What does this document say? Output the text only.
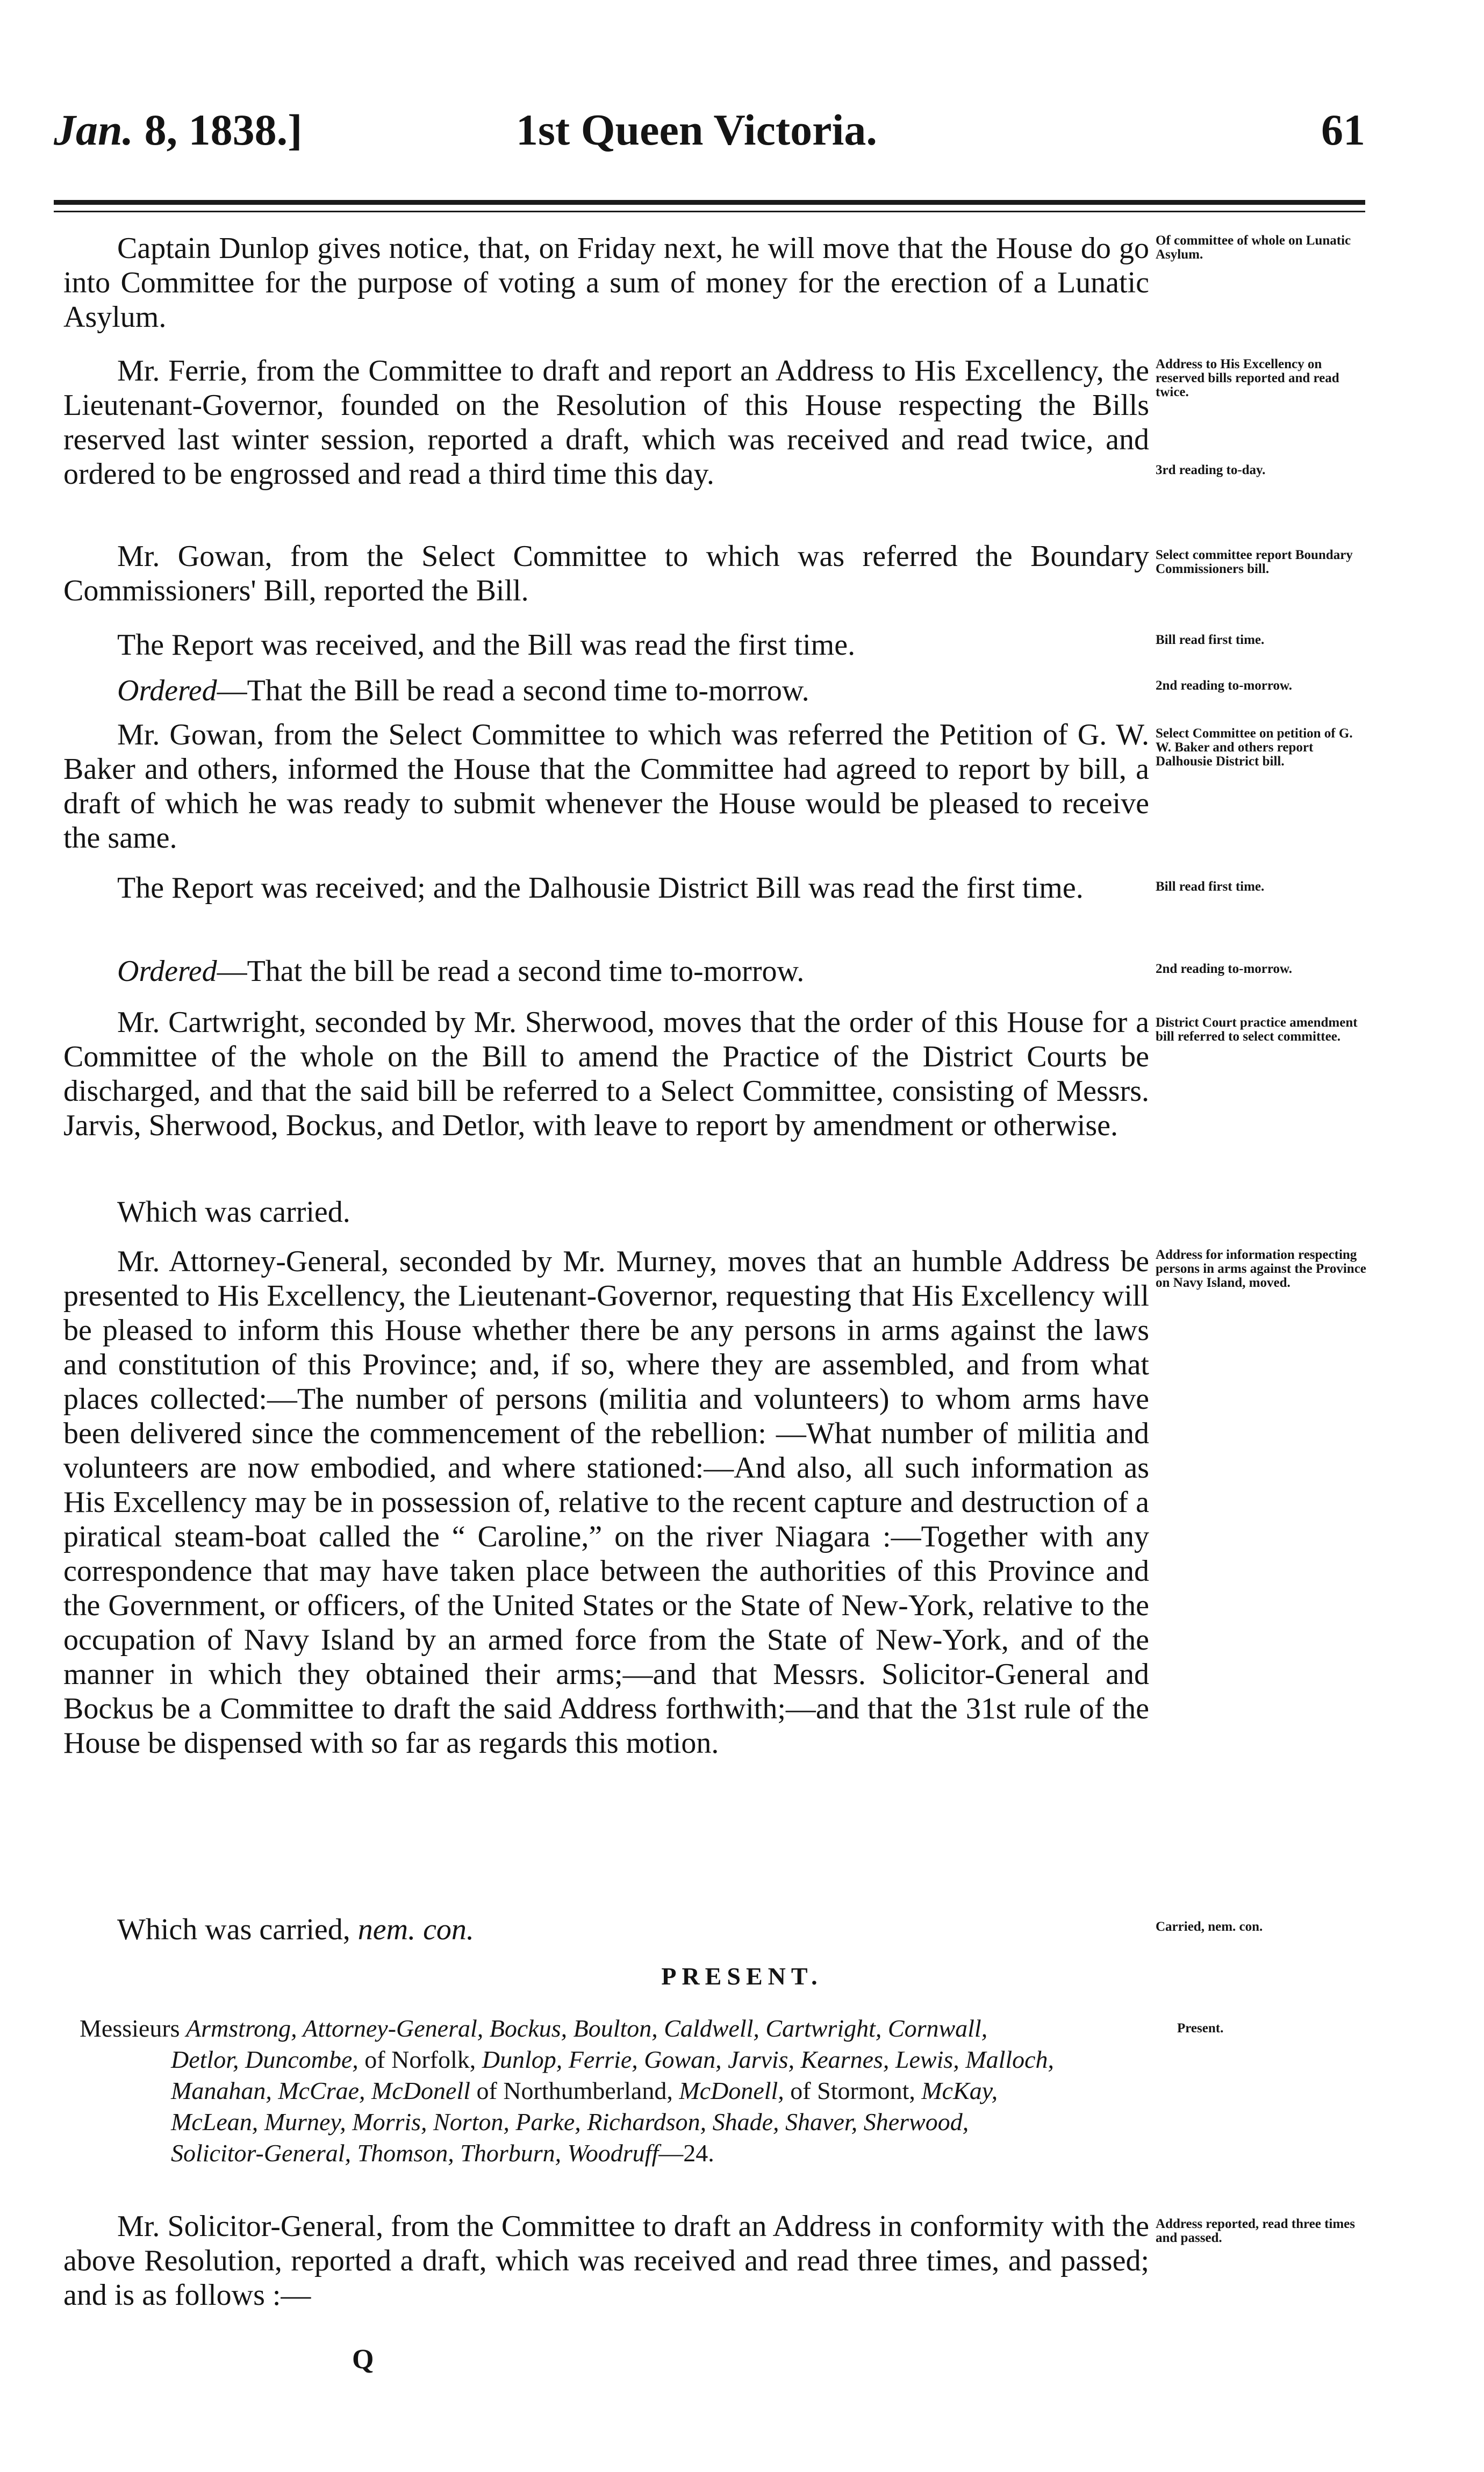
Jan. 8, 1838.]	1st Queen Victoria.	61

Captain Dunlop gives notice, that, on Friday next, he will move that the House do go into Committee for the purpose of voting a sum of money for the erection of a Lunatic Asylum.

Of committee of whole on Lunatic Asylum.

Mr. Ferrie, from the Committee to draft and report an Address to His Excellency, the Lieutenant-Governor, founded on the Resolution of this House respecting the Bills reserved last winter session, reported a draft, which was received and read twice, and ordered to be engrossed and read a third time this day.

Address to His Excellency on reserved bills reported and read twice.

3rd reading to-day.

Mr. Gowan, from the Select Committee to which was referred the Boundary Commissioners' Bill, reported the Bill.

Select committee report Boundary Commissioners bill.

The Report was received, and the Bill was read the first time.	Bill read first time.

Ordered—That the Bill be read a second time to-morrow.	2nd reading to-morrow.

Mr. Gowan, from the Select Committee to which was referred the Petition of G. W. Baker and others, informed the House that the Committee had agreed to report by bill, a draft of which he was ready to submit whenever the House would be pleased to receive the same.

Select Committee on petition of G. W. Baker and others report Dalhousie District bill.

The Report was received; and the Dalhousie District Bill was read the first time.	Bill read first time.

Ordered—That the bill be read a second time to-morrow.	2nd reading to-morrow.

Mr. Cartwright, seconded by Mr. Sherwood, moves that the order of this House for a Committee of the whole on the Bill to amend the Practice of the District Courts be discharged, and that the said bill be referred to a Select Committee, consisting of Messrs. Jarvis, Sherwood, Bockus, and Detlor, with leave to report by amendment or otherwise.

District Court practice amendment bill referred to select committee.

Which was carried.

Mr. Attorney-General, seconded by Mr. Murney, moves that an humble Address be presented to His Excellency, the Lieutenant-Governor, requesting that His Excellency will be pleased to inform this House whether there be any persons in arms against the laws and constitution of this Province; and, if so, where they are assembled, and from what places collected:—The number of persons (militia and volunteers) to whom arms have been delivered since the commencement of the rebellion: —What number of militia and volunteers are now embodied, and where stationed:—And also, all such information as His Excellency may be in possession of, relative to the recent capture and destruction of a piratical steam-boat called the “ Caroline,” on the river Niagara :—Together with any correspondence that may have taken place between the authorities of this Province and the Government, or officers, of the United States or the State of New-York, relative to the occupation of Navy Island by an armed force from the State of New-York, and of the manner in which they obtained their arms;—and that Messrs. Solicitor-General and Bockus be a Committee to draft the said Address forthwith;—and that the 31st rule of the House be dispensed with so far as regards this motion.

Address for information respecting persons in arms against the Province on Navy Island, moved.

Which was carried, nem. con.	Carried, nem. con.

PRESENT.

Messieurs Armstrong, Attorney-General, Bockus, Boulton, Caldwell, Cartwright, Cornwall,
Detlor, Duncombe, of Norfolk, Dunlop, Ferrie, Gowan, Jarvis, Kearnes, Lewis, Malloch,
Manahan, McCrae, McDonell of Northumberland, McDonell, of Stormont, McKay,
McLean, Murney, Morris, Norton, Parke, Richardson, Shade, Shaver, Sherwood,
Solicitor-General, Thomson, Thorburn, Woodruff—24.

Present.

Mr. Solicitor-General, from the Committee to draft an Address in conformity with the above Resolution, reported a draft, which was received and read three times, and passed; and is as follows :—

Address reported, read three times and passed.

Q
